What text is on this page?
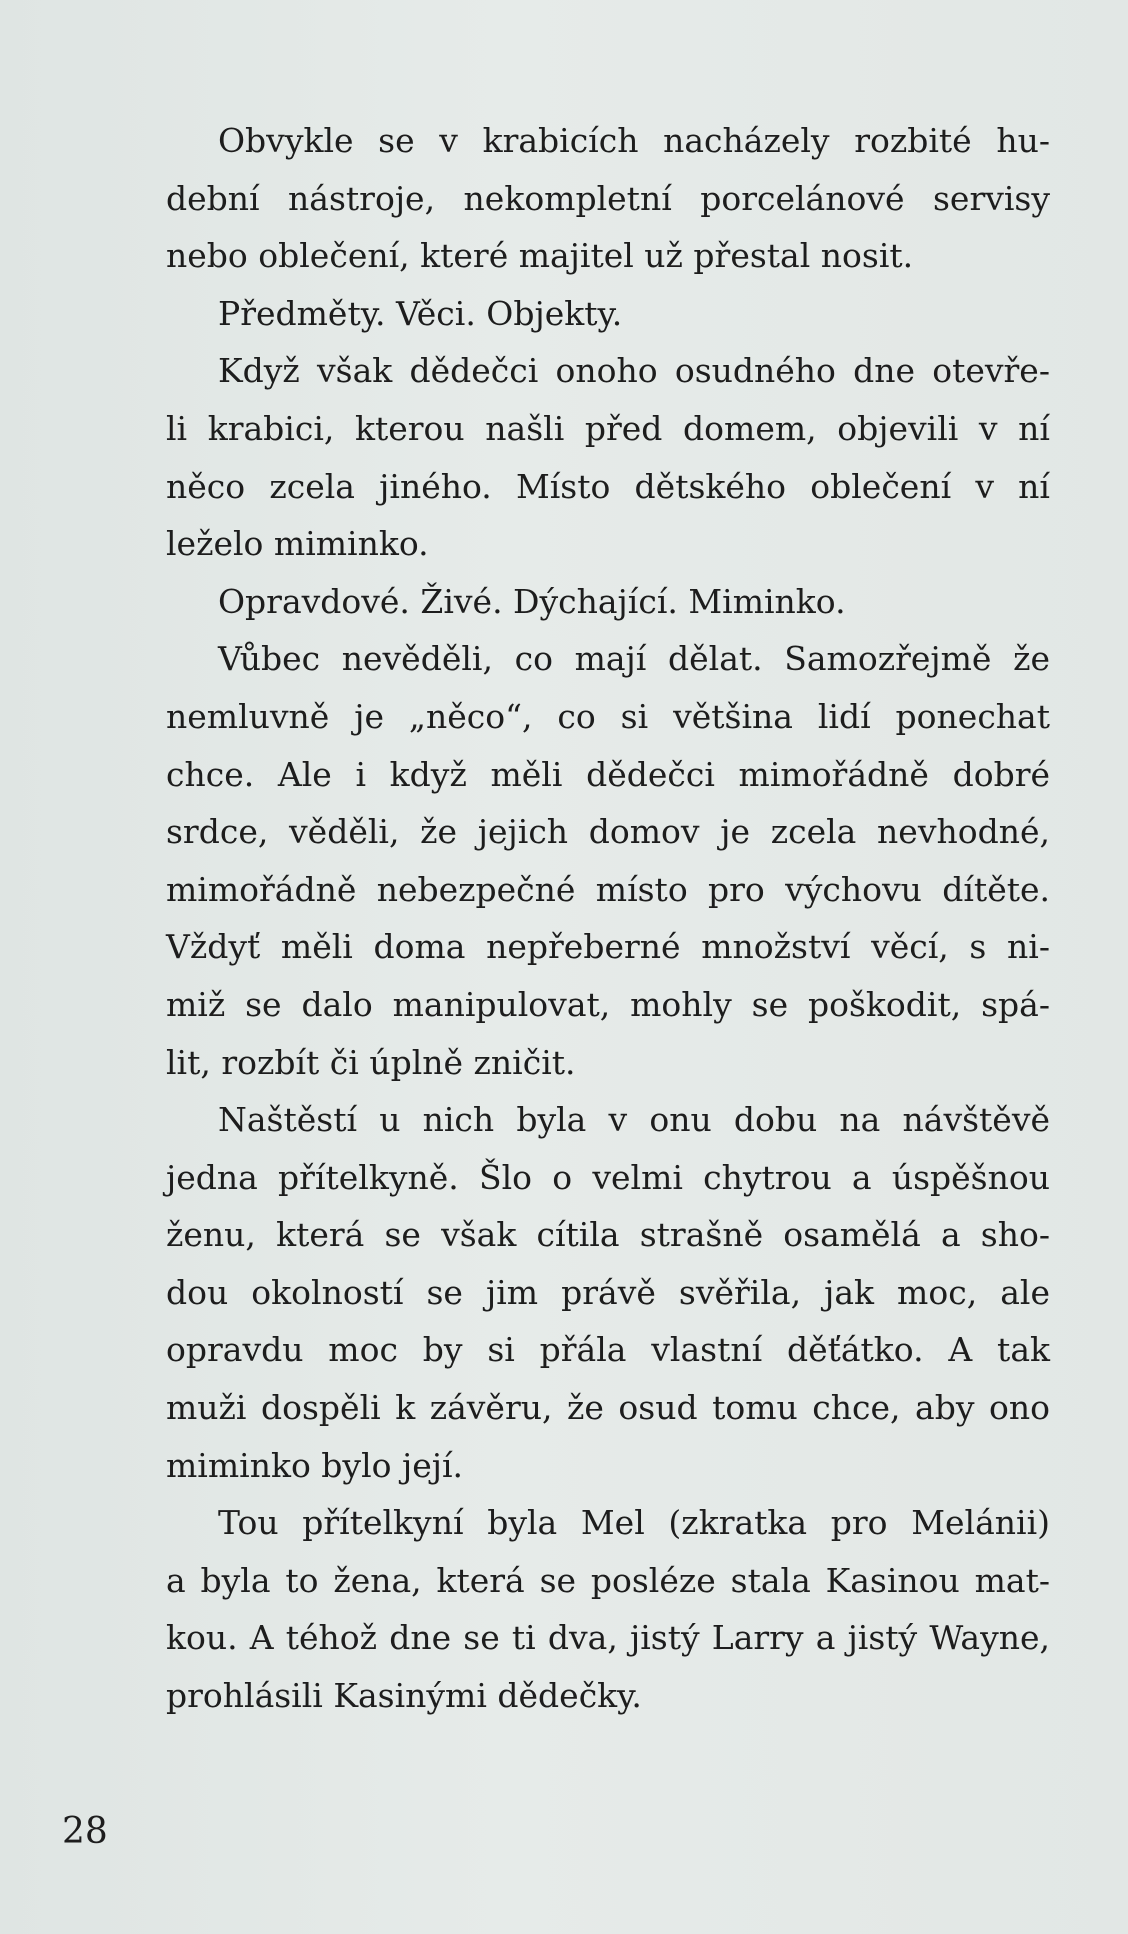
Obvykle se v krabicích nacházely rozbité hu-
dební nástroje, nekompletní porcelánové servisy
nebo oblečení, které majitel už přestal nosit.
Předměty. Věci. Objekty.
Když však dědečci onoho osudného dne otevře-
li krabici, kterou našli před domem, objevili v ní
něco zcela jiného. Místo dětského oblečení v ní
leželo miminko.
Opravdové. Živé. Dýchající. Miminko.
Vůbec nevěděli, co mají dělat. Samozřejmě že
nemluvně je „něco“, co si většina lidí ponechat
chce. Ale i když měli dědečci mimořádně dobré
srdce, věděli, že jejich domov je zcela nevhodné,
mimořádně nebezpečné místo pro výchovu dítěte.
Vždyť měli doma nepřeberné množství věcí, s ni-
miž se dalo manipulovat, mohly se poškodit, spá-
lit, rozbít či úplně zničit.
Naštěstí u nich byla v onu dobu na návštěvě
jedna přítelkyně. Šlo o velmi chytrou a úspěšnou
ženu, která se však cítila strašně osamělá a sho-
dou okolností se jim právě svěřila, jak moc, ale
opravdu moc by si přála vlastní děťátko. A tak
muži dospěli k závěru, že osud tomu chce, aby ono
miminko bylo její.
Tou přítelkyní byla Mel (zkratka pro Melánii)
a byla to žena, která se posléze stala Kasinou mat-
kou. A téhož dne se ti dva, jistý Larry a jistý Wayne,
prohlásili Kasinými dědečky.
28
